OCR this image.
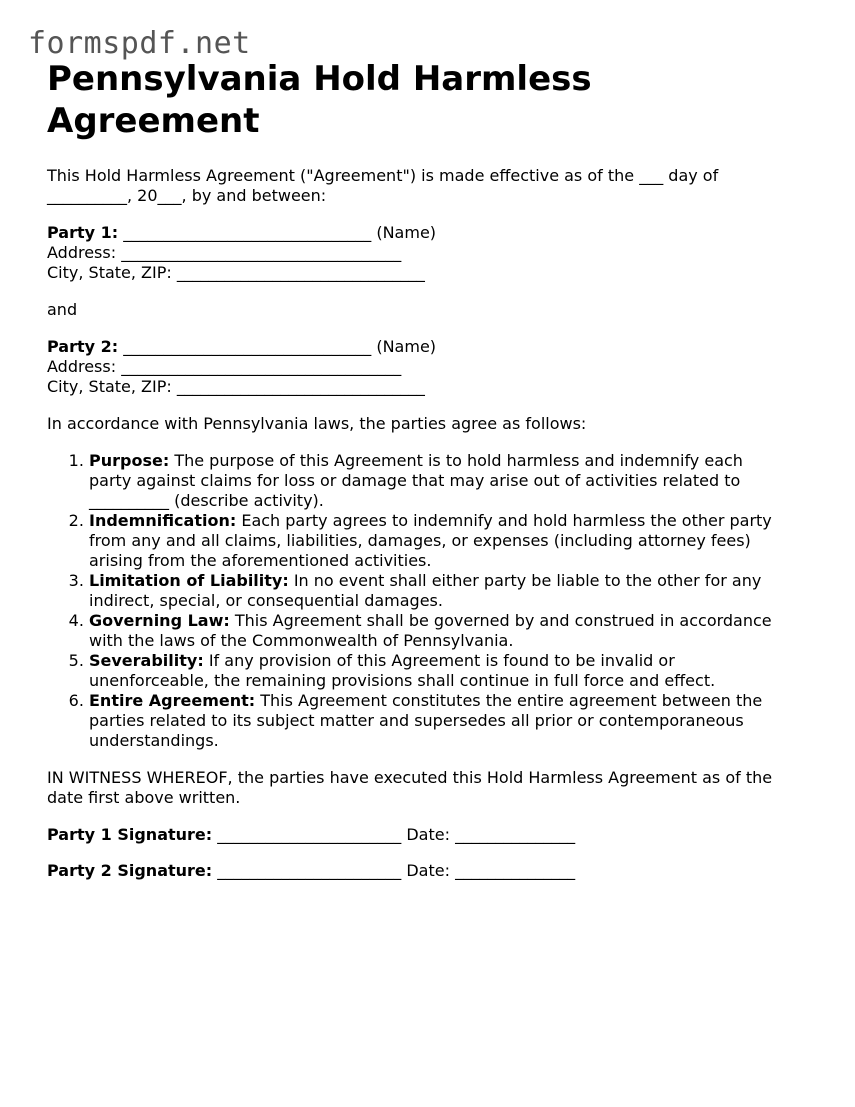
formspdf.net
Pennsylvania Hold Harmless
Agreement

This Hold Harmless Agreement ("Agreement") is made effective as of the ___ day of
__________, 20___, by and between:

Party 1: _______________________________ (Name)
Address: ___________________________________
City, State, ZIP: _______________________________

and

Party 2: _______________________________ (Name)
Address: ___________________________________
City, State, ZIP: _______________________________

In accordance with Pennsylvania laws, the parties agree as follows:

1. Purpose: The purpose of this Agreement is to hold harmless and indemnify each
party against claims for loss or damage that may arise out of activities related to
__________ (describe activity).
2. Indemnification: Each party agrees to indemnify and hold harmless the other party
from any and all claims, liabilities, damages, or expenses (including attorney fees)
arising from the aforementioned activities.
3. Limitation of Liability: In no event shall either party be liable to the other for any
indirect, special, or consequential damages.
4. Governing Law: This Agreement shall be governed by and construed in accordance
with the laws of the Commonwealth of Pennsylvania.
5. Severability: If any provision of this Agreement is found to be invalid or
unenforceable, the remaining provisions shall continue in full force and effect.
6. Entire Agreement: This Agreement constitutes the entire agreement between the
parties related to its subject matter and supersedes all prior or contemporaneous
understandings.

IN WITNESS WHEREOF, the parties have executed this Hold Harmless Agreement as of the
date first above written.

Party 1 Signature: _______________________ Date: _______________

Party 2 Signature: _______________________ Date: _______________
